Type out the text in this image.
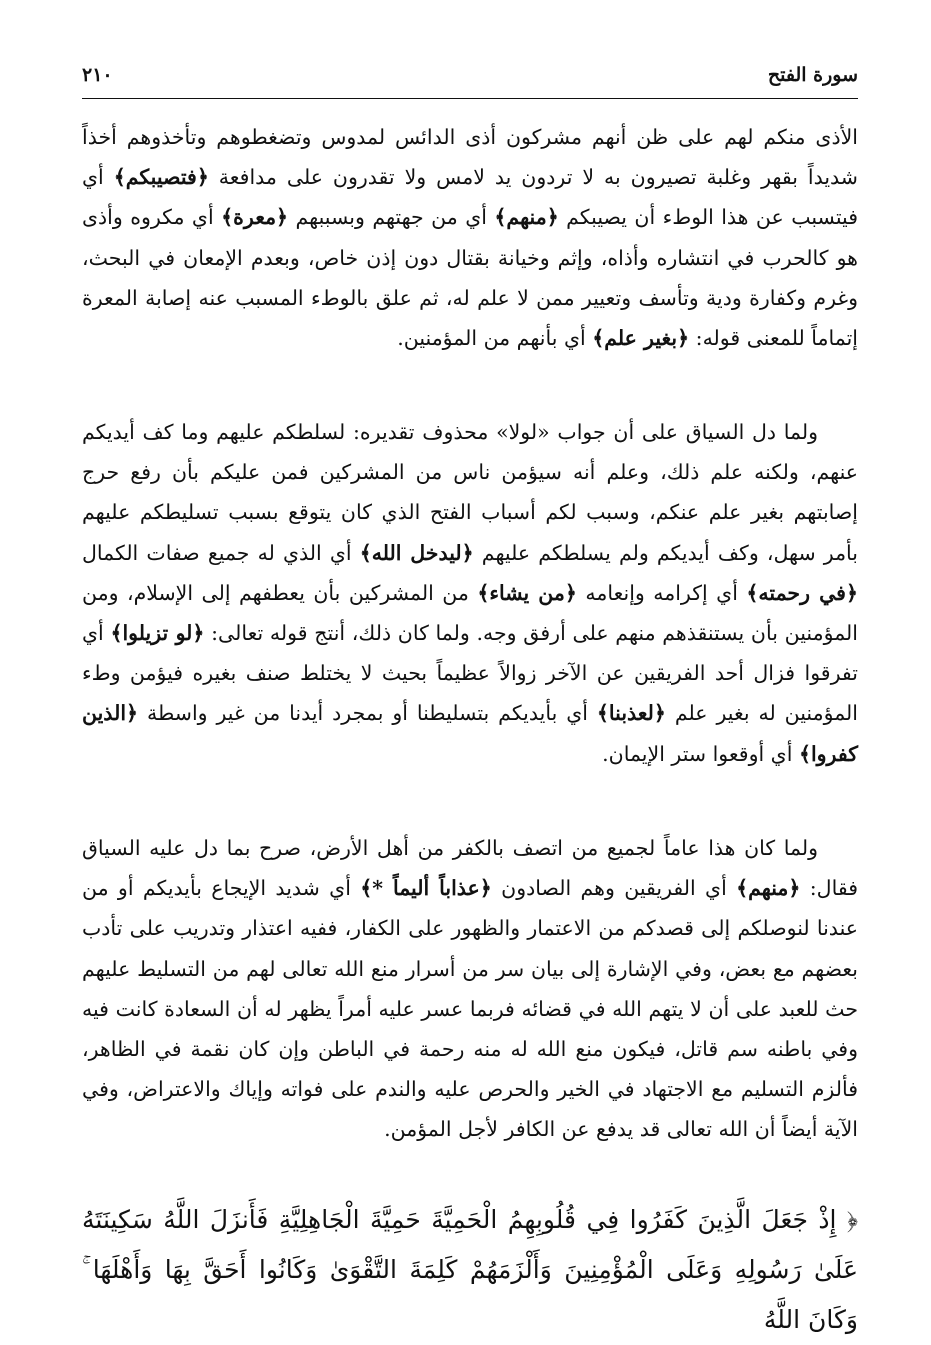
سورة الفتح
٢١٠

الأذى منكم لهم على ظن أنهم مشركون أذى الدائس لمدوس وتضغطوهم وتأخذوهم أخذاً شديداً بقهر وغلبة تصيرون به لا تردون يد لامس ولا تقدرون على مدافعة ﴿فتصيبكم﴾ أي فيتسبب عن هذا الوطء أن يصيبكم ﴿منهم﴾ أي من جهتهم وبسببهم ﴿معرة﴾ أي مكروه وأذى هو كالحرب في انتشاره وأذاه، وإثم وخيانة بقتال دون إذن خاص، وبعدم الإمعان في البحث، وغرم وكفارة ودية وتأسف وتعيير ممن لا علم له، ثم علق بالوطء المسبب عنه إصابة المعرة إتماماً للمعنى قوله: ﴿بغير علم﴾ أي بأنهم من المؤمنين.

ولما دل السياق على أن جواب «لولا» محذوف تقديره: لسلطكم عليهم وما كف أيديكم عنهم، ولكنه علم ذلك، وعلم أنه سيؤمن ناس من المشركين فمن عليكم بأن رفع حرج إصابتهم بغير علم عنكم، وسبب لكم أسباب الفتح الذي كان يتوقع بسبب تسليطكم عليهم بأمر سهل، وكف أيديكم ولم يسلطكم عليهم ﴿ليدخل الله﴾ أي الذي له جميع صفات الكمال ﴿في رحمته﴾ أي إكرامه وإنعامه ﴿من يشاء﴾ من المشركين بأن يعطفهم إلى الإسلام، ومن المؤمنين بأن يستنقذهم منهم على أرفق وجه. ولما كان ذلك، أنتج قوله تعالى: ﴿لو تزيلوا﴾ أي تفرقوا فزال أحد الفريقين عن الآخر زوالاً عظيماً بحيث لا يختلط صنف بغيره فيؤمن وطء المؤمنين له بغير علم ﴿لعذبنا﴾ أي بأيديكم بتسليطنا أو بمجرد أيدنا من غير واسطة ﴿الذين كفروا﴾ أي أوقعوا ستر الإيمان.

ولما كان هذا عاماً لجميع من اتصف بالكفر من أهل الأرض، صرح بما دل عليه السياق فقال: ﴿منهم﴾ أي الفريقين وهم الصادون ﴿عذاباً أليماً *﴾ أي شديد الإيجاع بأيديكم أو من عندنا لنوصلكم إلى قصدكم من الاعتمار والظهور على الكفار، ففيه اعتذار وتدريب على تأدب بعضهم مع بعض، وفي الإشارة إلى بيان سر من أسرار منع الله تعالى لهم من التسليط عليهم حث للعبد على أن لا يتهم الله في قضائه فربما عسر عليه أمراً يظهر له أن السعادة كانت فيه وفي باطنه سم قاتل، فيكون منع الله له منه رحمة في الباطن وإن كان نقمة في الظاهر، فألزم التسليم مع الاجتهاد في الخير والحرص عليه والندم على فواته وإياك والاعتراض، وفي الآية أيضاً أن الله تعالى قد يدفع عن الكافر لأجل المؤمن.

﴿ إِذْ جَعَلَ الَّذِينَ كَفَرُوا فِي قُلُوبِهِمُ الْحَمِيَّةَ حَمِيَّةَ الْجَاهِلِيَّةِ فَأَنزَلَ اللَّهُ سَكِينَتَهُ عَلَىٰ رَسُولِهِ وَعَلَى الْمُؤْمِنِينَ وَأَلْزَمَهُمْ كَلِمَةَ التَّقْوَىٰ وَكَانُوا أَحَقَّ بِهَا وَأَهْلَهَا ۚ وَكَانَ اللَّهُ
